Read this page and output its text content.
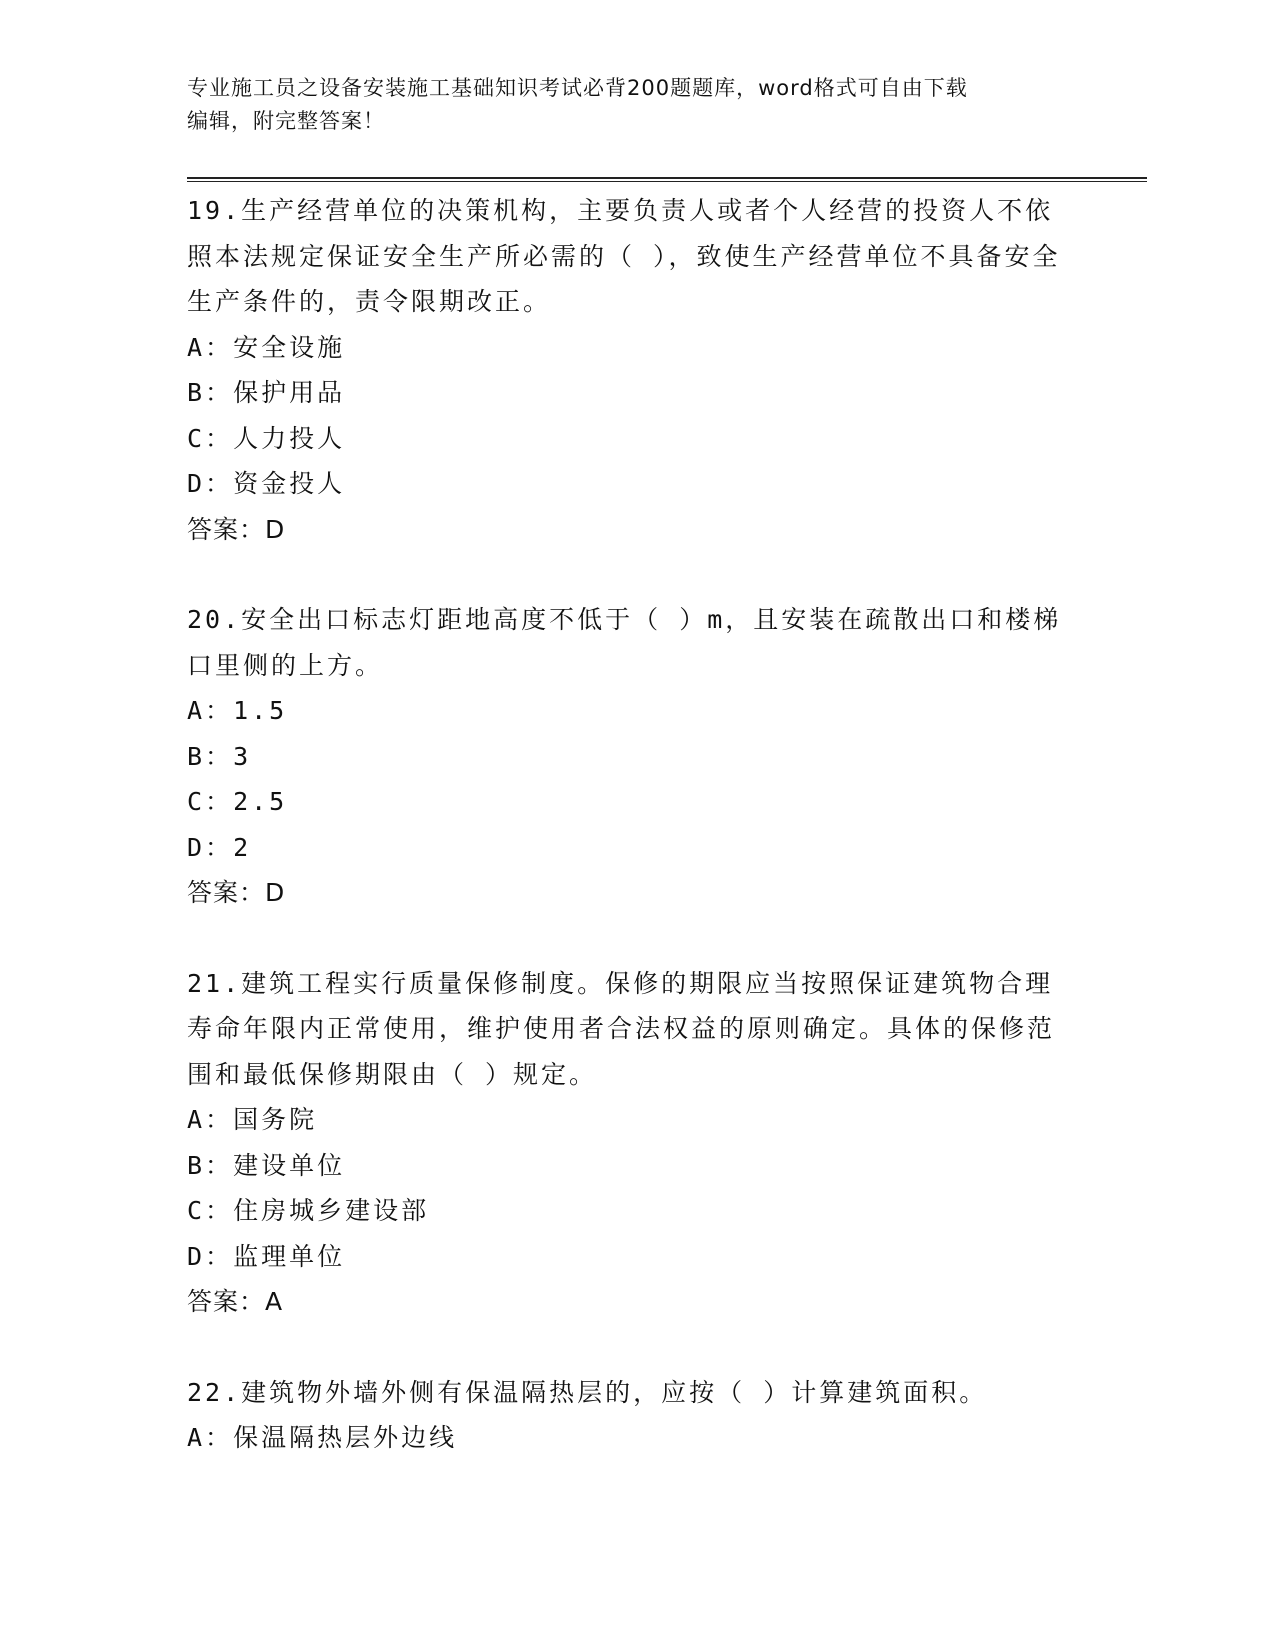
专业施工员之设备安装施工基础知识考试必背200题题库，word格式可自由下载
编辑，附完整答案！

19.生产经营单位的决策机构，主要负责人或者个人经营的投资人不依照本法规定保证安全生产所必需的（ ），致使生产经营单位不具备安全生产条件的，责令限期改正。

A： 安全设施
B： 保护用品
C： 人力投人
D： 资金投人

答案：D

20.安全出口标志灯距地高度不低于（ ）m，且安装在疏散出口和楼梯口里侧的上方。

A： 1.5
B： 3
C： 2.5
D： 2

答案：D

21.建筑工程实行质量保修制度。保修的期限应当按照保证建筑物合理寿命年限内正常使用，维护使用者合法权益的原则确定。具体的保修范围和最低保修期限由（ ）规定。

A： 国务院
B： 建设单位
C： 住房城乡建设部
D： 监理单位

答案：A

22.建筑物外墙外侧有保温隔热层的，应按（ ）计算建筑面积。

A： 保温隔热层外边线
